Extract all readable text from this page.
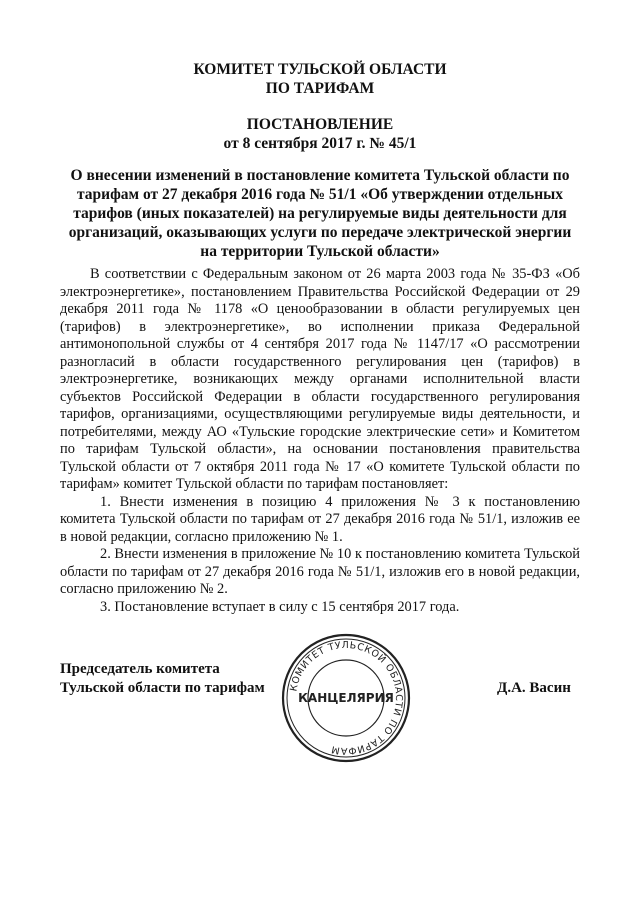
КОМИТЕТ ТУЛЬСКОЙ ОБЛАСТИ
ПО ТАРИФАМ
ПОСТАНОВЛЕНИЕ
от 8 сентября 2017 г. № 45/1
О внесении изменений в постановление комитета Тульской области по тарифам от 27 декабря 2016 года № 51/1 «Об утверждении отдельных тарифов (иных показателей) на регулируемые виды деятельности для организаций, оказывающих услуги по передаче электрической энергии на территории Тульской области»

В соответствии с Федеральным законом от 26 марта 2003 года № 35-ФЗ «Об электроэнергетике», постановлением Правительства Российской Федерации от 29 декабря 2011 года № 1178 «О ценообразовании в области регулируемых цен (тарифов) в электроэнергетике», во исполнении приказа Федеральной антимонопольной службы от 4 сентября 2017 года № 1147/17 «О рассмотрении разногласий в области государственного регулирования цен (тарифов) в электроэнергетике, возникающих между органами исполнительной власти субъектов Российской Федерации в области государственного регулирования тарифов, организациями, осуществляющими регулируемые виды деятельности, и потребителями, между АО «Тульские городские электрические сети» и Комитетом по тарифам Тульской области», на основании постановления правительства Тульской области от 7 октября 2011 года № 17 «О комитете Тульской области по тарифам» комитет Тульской области по тарифам постановляет:

1. Внести изменения в позицию 4 приложения № 3 к постановлению комитета Тульской области по тарифам от 27 декабря 2016 года № 51/1, изложив ее в новой редакции, согласно приложению № 1.

2. Внести изменения в приложение № 10 к постановлению комитета Тульской области по тарифам от 27 декабря 2016 года № 51/1, изложив его в новой редакции, согласно приложению № 2.

3. Постановление вступает в силу с 15 сентября 2017 года.

Председатель комитета
Тульской области по тарифам КОМИТЕТ ТУЛЬСКОЙ ОБЛАСТИ ПО ТАРИФАМ
КАНЦЕЛЯРИЯ
Д.А. Васин
